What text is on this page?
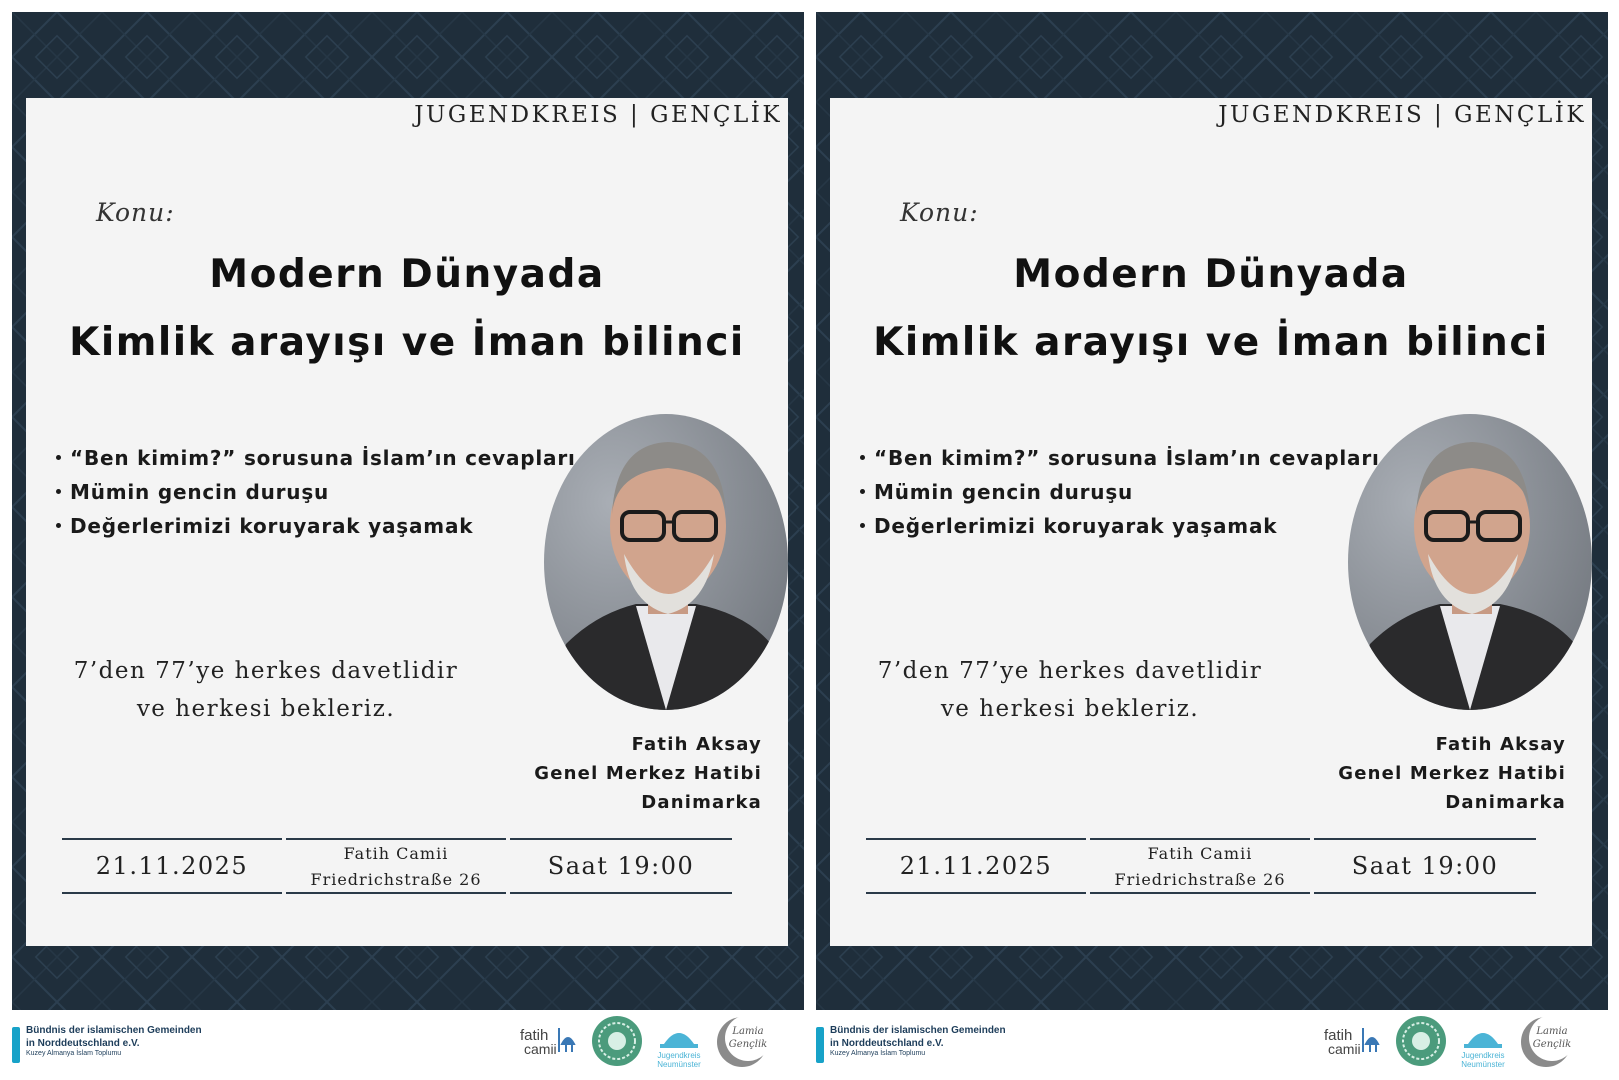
JUGENDKREIS | GENÇLİK
Konu:
Modern Dünyada
Kimlik arayışı ve İman bilinci
“Ben kimim?” sorusuna İslam’ın cevapları
Mümin gencin duruşu
Değerlerimizi koruyarak yaşamak
7’den 77’ye herkes davetlidir
ve herkesi bekleriz.
Fatih Aksay
Genel Merkez Hatibi
Danimarka
21.11.2025	Fatih Camii
Friedrichstraße 26	Saat 19:00
Bündnis der islamischen Gemeinden
in Norddeutschland e.V.
Kuzey Almanya İslam Toplumu
fatih
camii	Jugendkreis
Neumünster
Lamia
Gençlik
JUGENDKREIS | GENÇLİK
Konu:
Modern Dünyada
Kimlik arayışı ve İman bilinci
“Ben kimim?” sorusuna İslam’ın cevapları
Mümin gencin duruşu
Değerlerimizi koruyarak yaşamak
7’den 77’ye herkes davetlidir
ve herkesi bekleriz.
Fatih Aksay
Genel Merkez Hatibi
Danimarka
21.11.2025	Fatih Camii
Friedrichstraße 26	Saat 19:00
Bündnis der islamischen Gemeinden
in Norddeutschland e.V.
Kuzey Almanya İslam Toplumu
fatih
camii	Jugendkreis
Neumünster
Lamia
Gençlik
